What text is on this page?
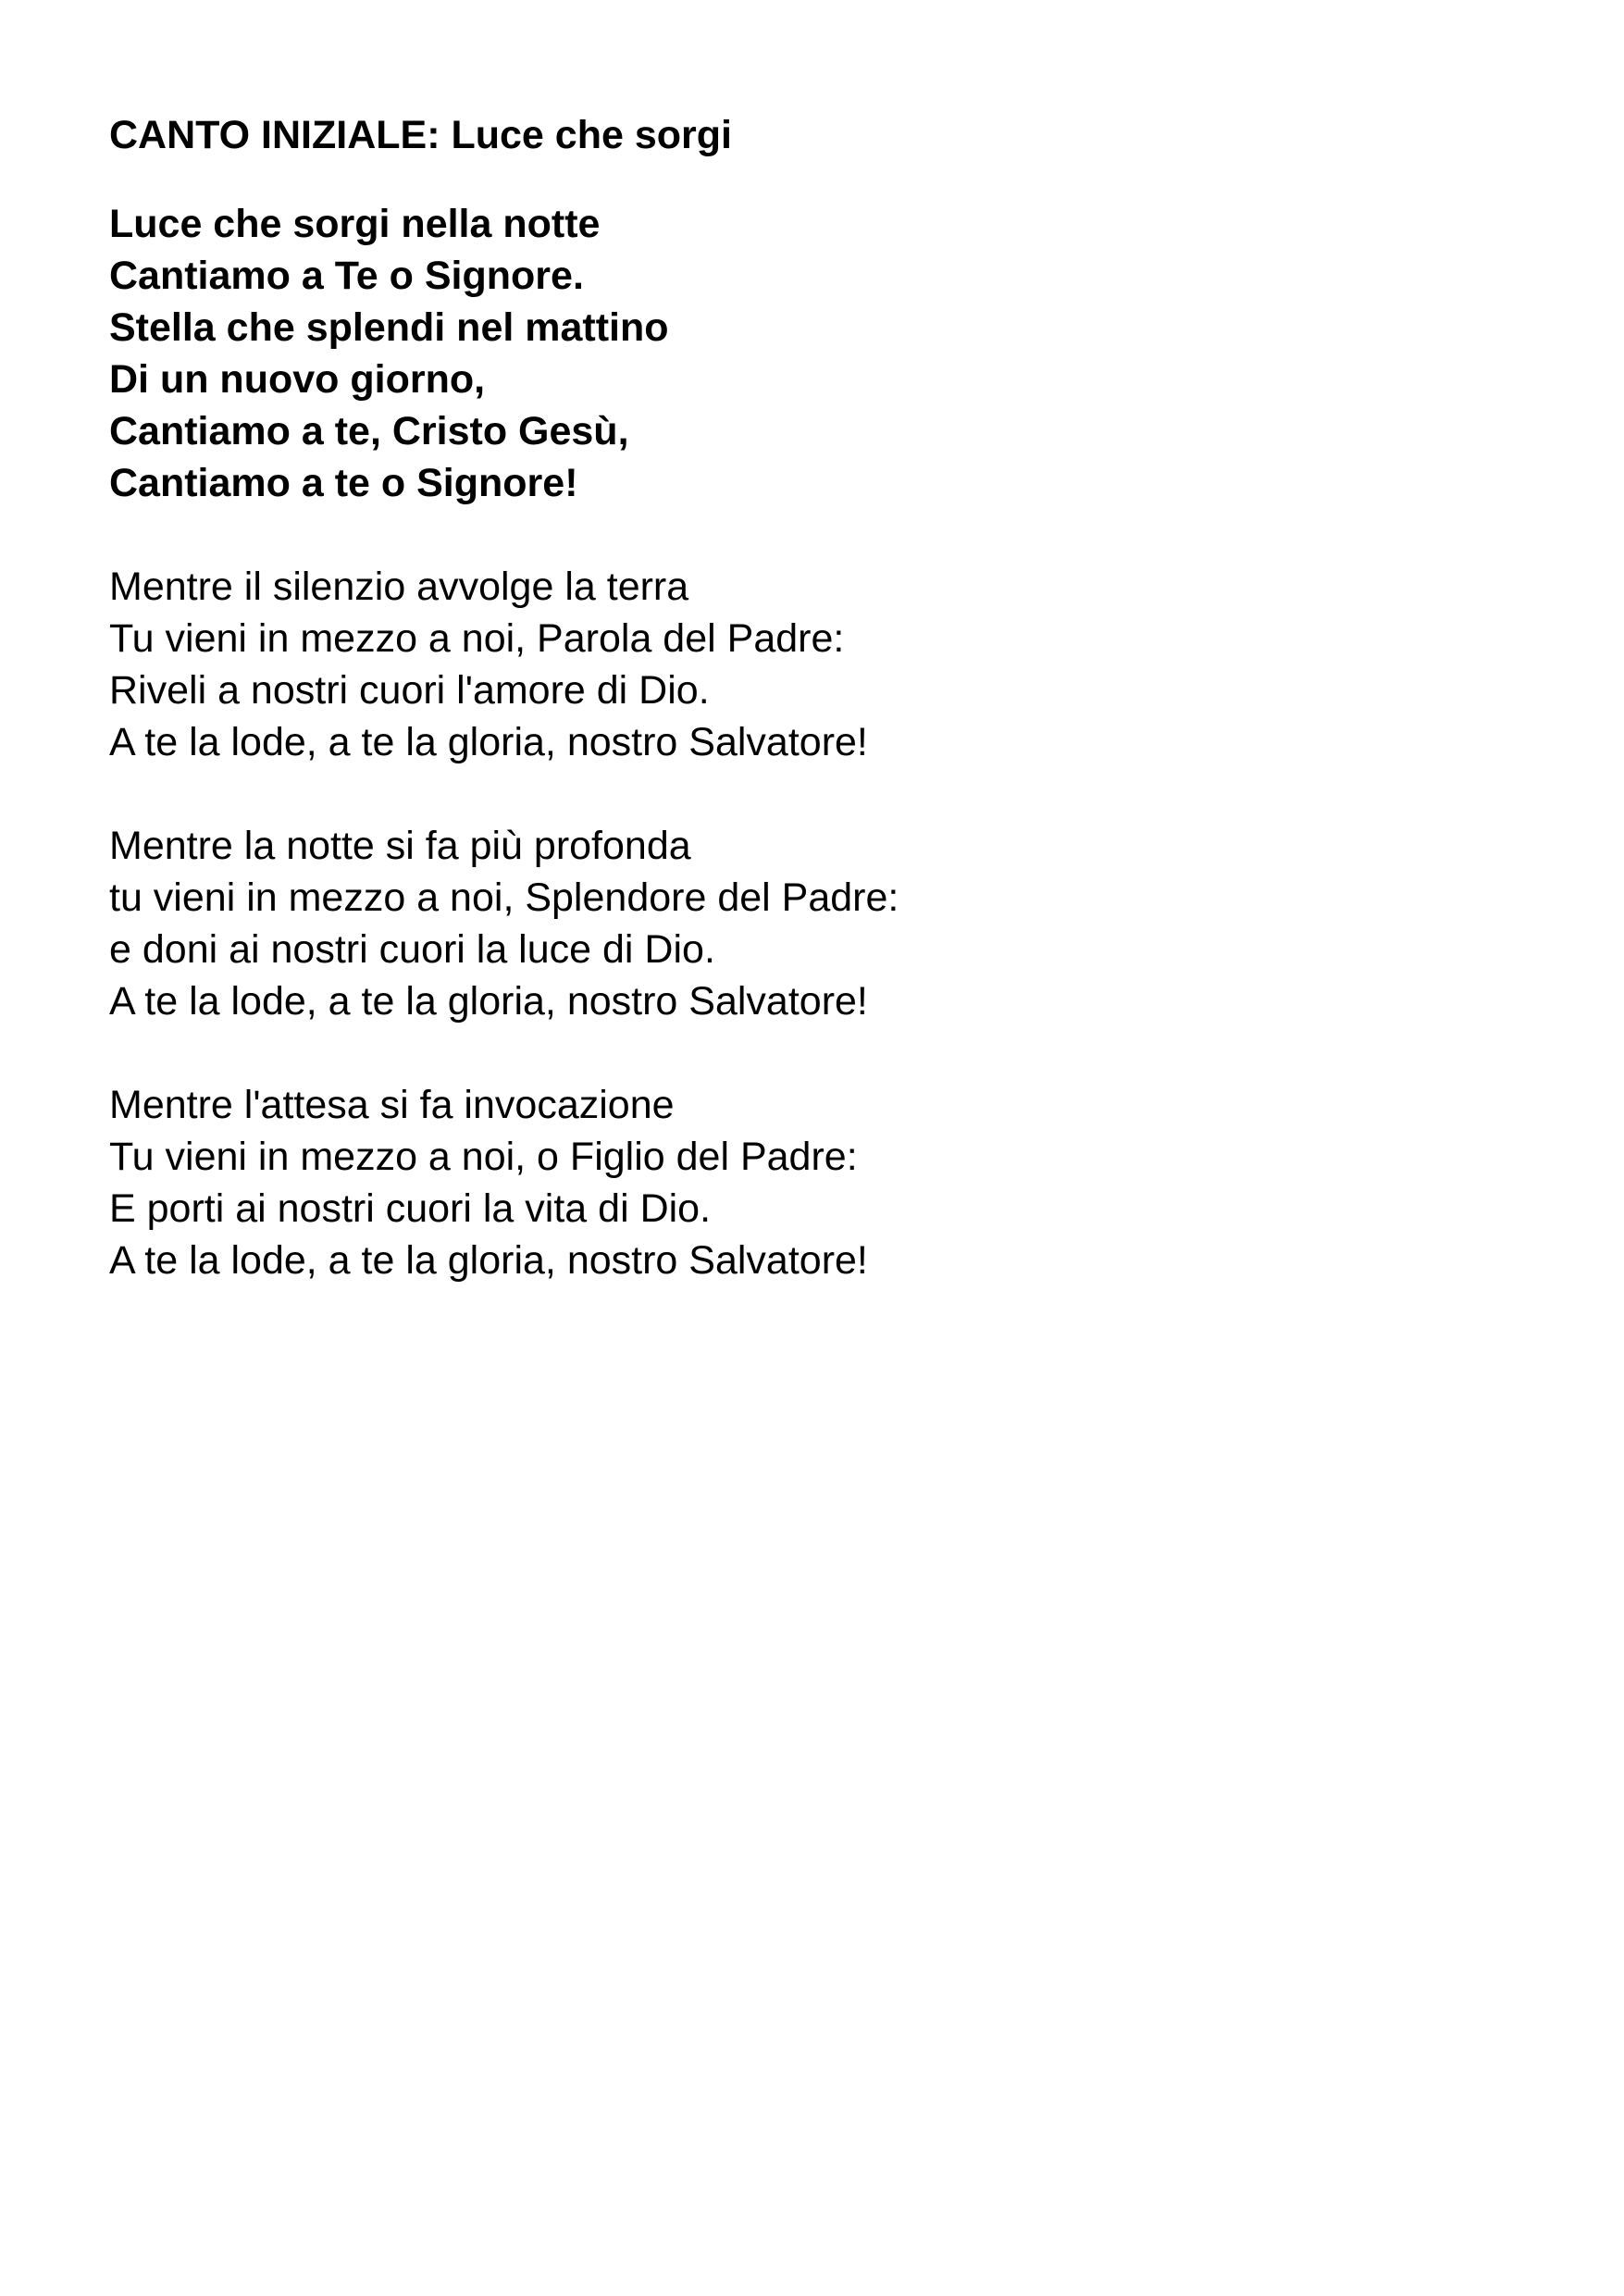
CANTO INIZIALE: Luce che sorgi
Luce che sorgi nella notte
Cantiamo a Te o Signore.
Stella che splendi nel mattino
Di un nuovo giorno,
Cantiamo a te, Cristo Gesù,
Cantiamo a te o Signore!
Mentre il silenzio avvolge la terra
Tu vieni in mezzo a noi, Parola del Padre:
Riveli a nostri cuori l'amore di Dio.
A te la lode, a te la gloria, nostro Salvatore!
Mentre la notte si fa più profonda
tu vieni in mezzo a noi, Splendore del Padre:
e doni ai nostri cuori la luce di Dio.
A te la lode, a te la gloria, nostro Salvatore!
Mentre l'attesa si fa invocazione
Tu vieni in mezzo a noi, o Figlio del Padre:
E porti ai nostri cuori la vita di Dio.
A te la lode, a te la gloria, nostro Salvatore!
